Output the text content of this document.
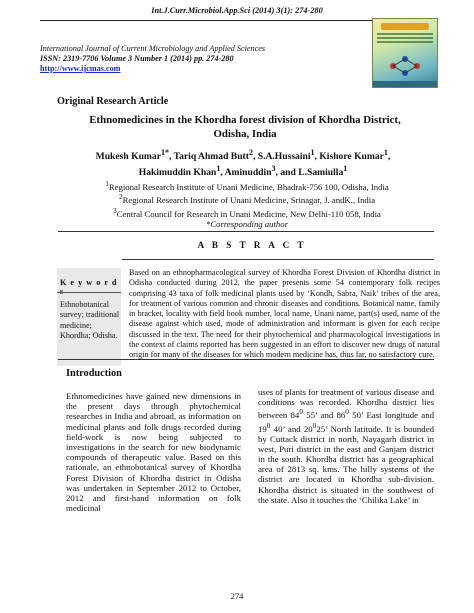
Int.J.Curr.Microbiol.App.Sci (2014) 3(1): 274-280
International Journal of Current Microbiology and Applied Sciences
ISSN: 2319-7706 Volume 3 Number 1 (2014) pp. 274-280
http://www.ijcmas.com
Original Research Article
Ethnomedicines in the Khordha forest division of Khordha District,
Odisha, India
Mukesh Kumar$^{1*}$, Tariq Ahmad Butt$^2$, S.A.Hussaini$^1$, Kishore Kumar$^1$,
Hakimuddin Khan$^1$, Aminuddin$^3$, and L.Samiulla$^1$
$^1$Regional Research Institute of Unani Medicine, Bhadrak-756 100, Odisha, India
$^2$Regional Research Institute of Unani Medicine, Srinagar, J. andK., India
$^3$Central Council for Research in Unani Medicine, New Delhi-110 058, India
*Corresponding author
A B S T R A C T
K e y w o r d s
Ethnobotanical survey; traditional medicine; Khordha; Odisha.
Based on an ethnopharmacological survey of Khordha Forest Division of Khordha district in Odisha conducted during 2012, the paper presents some 54 contemporary folk recipes comprising 43 taxa of folk medicinal plants used by ‘Kondh, Sabra, Naik’ tribes of the area, for treatment of various common and chronic diseases and conditions. Botanical name, family in bracket, locality with field book number, local name, Unani name, part(s) used, name of the disease against which used, mode of administration and informant is given for each recipe discussed in the text. The need for their phytochemical and pharmacological investigations in the context of claims reported has been suggested in an effort to discover new drugs of natural origin for many of the diseases for which modern medicine has, thus far, no satisfactory cure.
Introduction
Ethnomedicines have gained new dimensions in the present days through phytochemical researches in India and abroad, as information on medicinal plants and folk drugs recorded during field-work is now being subjected to investigations in the search for new biodynamic compounds of therapeutic value. Based on this rationale, an ethnobotanical survey of Khordha Forest Division of Khordha district in Odisha was undertaken in September 2012 to October, 2012 and first-hand information on folk medicinal
uses of plants for treatment of various disease and conditions was recorded. Khordha district lies between $84^0$ 55’ and $86^0$ 50’ East longitude and $19^0$ 40’ and $20^025$’ North latitude. It is bounded by Cuttack district in north, Nayagarh district in west, Puri district in the east and Ganjam district in the south. Khordha district has a geographical area of 2813 sq. kms. The hilly systems of the district are located in Khordha sub-division. Khordha district is situated in the southwest of the state. Also it touches the ‘Chilika Lake’ in
274
